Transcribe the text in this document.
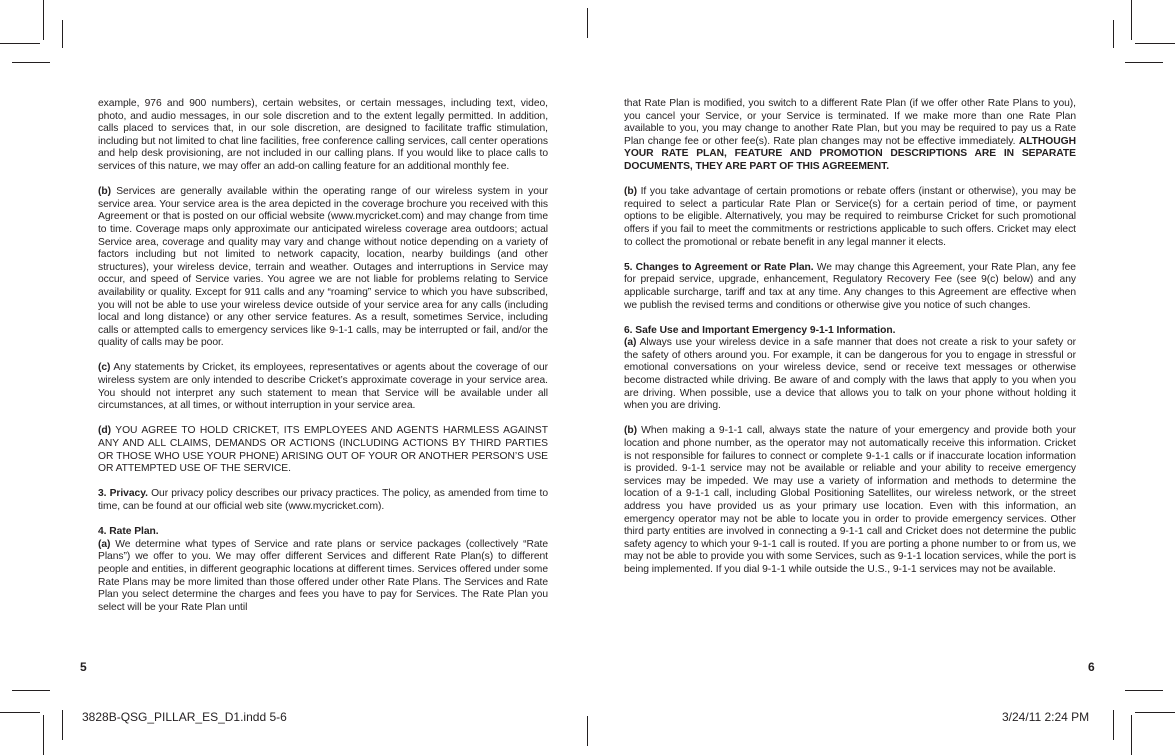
example, 976 and 900 numbers), certain websites, or certain messages, including text, video, photo, and audio messages, in our sole discretion and to the extent legally permitted. In addition, calls placed to services that, in our sole discretion, are designed to facilitate traffic stimulation, including but not limited to chat line facilities, free conference calling services, call center operations and help desk provisioning, are not included in our calling plans. If you would like to place calls to services of this nature, we may offer an add-on calling feature for an additional monthly fee.

(b) Services are generally available within the operating range of our wireless system in your service area. Your service area is the area depicted in the coverage brochure you received with this Agreement or that is posted on our official website (www.mycricket.com) and may change from time to time. Coverage maps only approximate our anticipated wireless coverage area outdoors; actual Service area, coverage and quality may vary and change without notice depending on a variety of factors including but not limited to network capacity, location, nearby buildings (and other structures), your wireless device, terrain and weather. Outages and interruptions in Service may occur, and speed of Service varies. You agree we are not liable for problems relating to Service availability or quality. Except for 911 calls and any “roaming” service to which you have subscribed, you will not be able to use your wireless device outside of your service area for any calls (including local and long distance) or any other service features. As a result, sometimes Service, including calls or attempted calls to emergency services like 9-1-1 calls, may be interrupted or fail, and/or the quality of calls may be poor.

(c) Any statements by Cricket, its employees, representatives or agents about the coverage of our wireless system are only intended to describe Cricket’s approximate coverage in your service area. You should not interpret any such statement to mean that Service will be available under all circumstances, at all times, or without interruption in your service area.

(d) YOU AGREE TO HOLD CRICKET, ITS EMPLOYEES AND AGENTS HARMLESS AGAINST ANY AND ALL CLAIMS, DEMANDS OR ACTIONS (INCLUDING ACTIONS BY THIRD PARTIES OR THOSE WHO USE YOUR PHONE) ARISING OUT OF YOUR OR ANOTHER PERSON’S USE OR ATTEMPTED USE OF THE SERVICE.

3. Privacy. Our privacy policy describes our privacy practices. The policy, as amended from time to time, can be found at our official web site (www.mycricket.com).

4. Rate Plan.

(a) We determine what types of Service and rate plans or service packages (collectively “Rate Plans”) we offer to you. We may offer different Services and different Rate Plan(s) to different people and entities, in different geographic locations at different times. Services offered under some Rate Plans may be more limited than those offered under other Rate Plans. The Services and Rate Plan you select determine the charges and fees you have to pay for Services. The Rate Plan you select will be your Rate Plan until

that Rate Plan is modified, you switch to a different Rate Plan (if we offer other Rate Plans to you), you cancel your Service, or your Service is terminated. If we make more than one Rate Plan available to you, you may change to another Rate Plan, but you may be required to pay us a Rate Plan change fee or other fee(s). Rate plan changes may not be effective immediately. ALTHOUGH YOUR RATE PLAN, FEATURE AND PROMOTION DESCRIPTIONS ARE IN SEPARATE DOCUMENTS, THEY ARE PART OF THIS AGREEMENT.

(b) If you take advantage of certain promotions or rebate offers (instant or otherwise), you may be required to select a particular Rate Plan or Service(s) for a certain period of time, or payment options to be eligible. Alternatively, you may be required to reimburse Cricket for such promotional offers if you fail to meet the commitments or restrictions applicable to such offers. Cricket may elect to collect the promotional or rebate benefit in any legal manner it elects.

5. Changes to Agreement or Rate Plan. We may change this Agreement, your Rate Plan, any fee for prepaid service, upgrade, enhancement, Regulatory Recovery Fee (see 9(c) below) and any applicable surcharge, tariff and tax at any time. Any changes to this Agreement are effective when we publish the revised terms and conditions or otherwise give you notice of such changes.

6. Safe Use and Important Emergency 9-1-1 Information.

(a) Always use your wireless device in a safe manner that does not create a risk to your safety or the safety of others around you. For example, it can be dangerous for you to engage in stressful or emotional conversations on your wireless device, send or receive text messages or otherwise become distracted while driving. Be aware of and comply with the laws that apply to you when you are driving. When possible, use a device that allows you to talk on your phone without holding it when you are driving.

(b) When making a 9-1-1 call, always state the nature of your emergency and provide both your location and phone number, as the operator may not automatically receive this information. Cricket is not responsible for failures to connect or complete 9-1-1 calls or if inaccurate location information is provided. 9-1-1 service may not be available or reliable and your ability to receive emergency services may be impeded. We may use a variety of information and methods to determine the location of a 9-1-1 call, including Global Positioning Satellites, our wireless network, or the street address you have provided us as your primary use location. Even with this information, an emergency operator may not be able to locate you in order to provide emergency services. Other third party entities are involved in connecting a 9-1-1 call and Cricket does not determine the public safety agency to which your 9-1-1 call is routed. If you are porting a phone number to or from us, we may not be able to provide you with some Services, such as 9-1-1 location services, while the port is being implemented. If you dial 9-1-1 while outside the U.S., 9-1-1 services may not be available.

5	6
3828B-QSG_PILLAR_ES_D1.indd 5-6	3/24/11 2:24 PM
